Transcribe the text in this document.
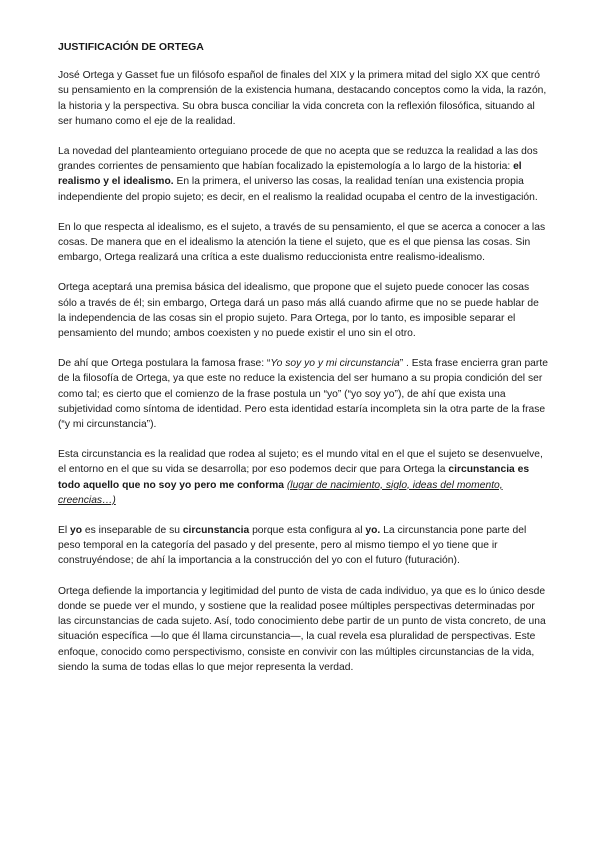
JUSTIFICACIÓN DE ORTEGA

José Ortega y Gasset fue un filósofo español de finales del XIX y la primera mitad del siglo XX que centró su pensamiento en la comprensión de la existencia humana, destacando conceptos como la vida, la razón, la historia y la perspectiva. Su obra busca conciliar la vida concreta con la reflexión filosófica, situando al ser humano como el eje de la realidad.

La novedad del planteamiento orteguiano procede de que no acepta que se reduzca la realidad a las dos grandes corrientes de pensamiento que habían focalizado la epistemología a lo largo de la historia: el realismo y el idealismo. En la primera, el universo las cosas, la realidad tenían una existencia propia independiente del propio sujeto; es decir, en el realismo la realidad ocupaba el centro de la investigación.

En lo que respecta al idealismo, es el sujeto, a través de su pensamiento, el que se acerca a conocer a las cosas. De manera que en el idealismo la atención la tiene el sujeto, que es el que piensa las cosas. Sin embargo, Ortega realizará una crítica a este dualismo reduccionista entre realismo-idealismo.

Ortega aceptará una premisa básica del idealismo, que propone que el sujeto puede conocer las cosas sólo a través de él; sin embargo, Ortega dará un paso más allá cuando afirme que no se puede hablar de la independencia de las cosas sin el propio sujeto. Para Ortega, por lo tanto, es imposible separar el pensamiento del mundo; ambos coexisten y no puede existir el uno sin el otro.

De ahí que Ortega postulara la famosa frase: “Yo soy yo y mi circunstancia” . Esta frase encierra gran parte de la filosofía de Ortega, ya que este no reduce la existencia del ser humano a su propia condición del ser como tal; es cierto que el comienzo de la frase postula un “yo” (“yo soy yo”), de ahí que exista una subjetividad como síntoma de identidad. Pero esta identidad estaría incompleta sin la otra parte de la frase (“y mi circunstancia”).

Esta circunstancia es la realidad que rodea al sujeto; es el mundo vital en el que el sujeto se desenvuelve, el entorno en el que su vida se desarrolla; por eso podemos decir que para Ortega la circunstancia es todo aquello que no soy yo pero me conforma (lugar de nacimiento, siglo, ideas del momento, creencias…)

El yo es inseparable de su circunstancia porque esta configura al yo. La circunstancia pone parte del peso temporal en la categoría del pasado y del presente, pero al mismo tiempo el yo tiene que ir construyéndose; de ahí la importancia a la construcción del yo con el futuro (futuración).

Ortega defiende la importancia y legitimidad del punto de vista de cada individuo, ya que es lo único desde donde se puede ver el mundo, y sostiene que la realidad posee múltiples perspectivas determinadas por las circunstancias de cada sujeto. Así, todo conocimiento debe partir de un punto de vista concreto, de una situación específica —lo que él llama circunstancia—, la cual revela esa pluralidad de perspectivas. Este enfoque, conocido como perspectivismo, consiste en convivir con las múltiples circunstancias de la vida, siendo la suma de todas ellas lo que mejor representa la verdad.
